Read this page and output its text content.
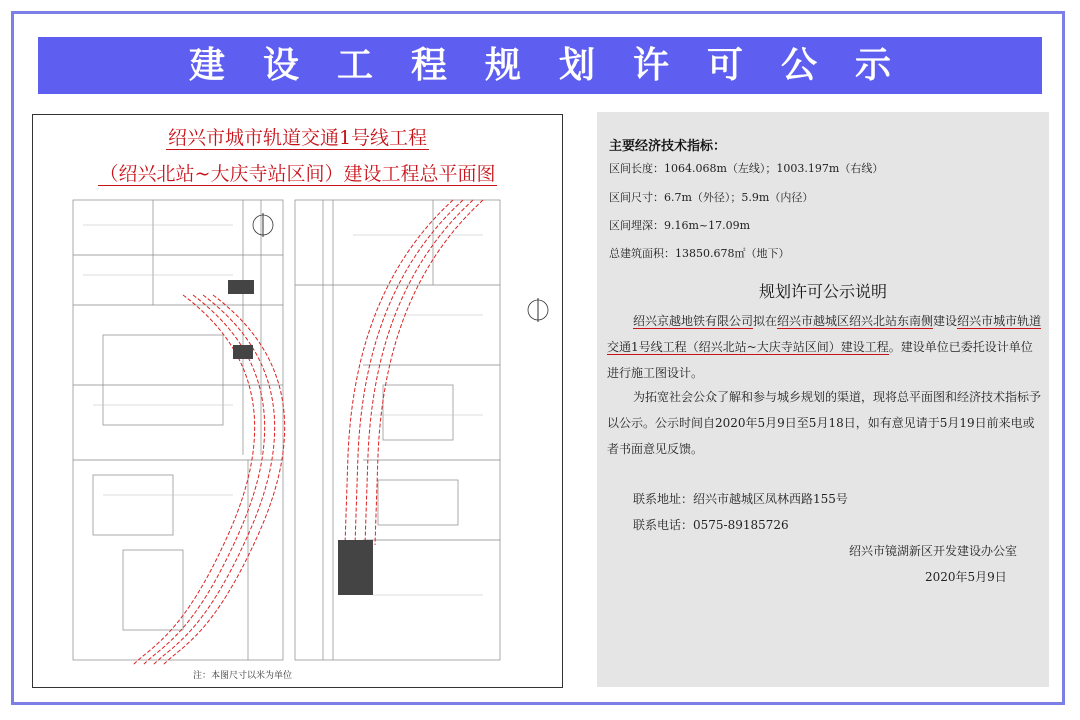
建设工程规划许可公示
绍兴市城市轨道交通1号线工程
（绍兴北站~大庆寺站区间）建设工程总平面图
注：本图尺寸以米为单位
主要经济技术指标：
区间长度：1064.068m（左线）；1003.197m（右线）
区间尺寸：6.7m（外径）；5.9m（内径）
区间埋深：9.16m~17.09m
总建筑面积：13850.678㎡（地下）
规划许可公示说明
绍兴京越地铁有限公司拟在绍兴市越城区绍兴北站东南侧建设绍兴市城市轨道交通1号线工程（绍兴北站~大庆寺站区间）建设工程。建设单位已委托设计单位进行施工图设计。
为拓宽社会公众了解和参与城乡规划的渠道，现将总平面图和经济技术指标予以公示。公示时间自2020年5月9日至5月18日，如有意见请于5月19日前来电或者书面意见反馈。
联系地址：绍兴市越城区凤林西路155号
联系电话：0575-89185726
绍兴市镜湖新区开发建设办公室
2020年5月9日
